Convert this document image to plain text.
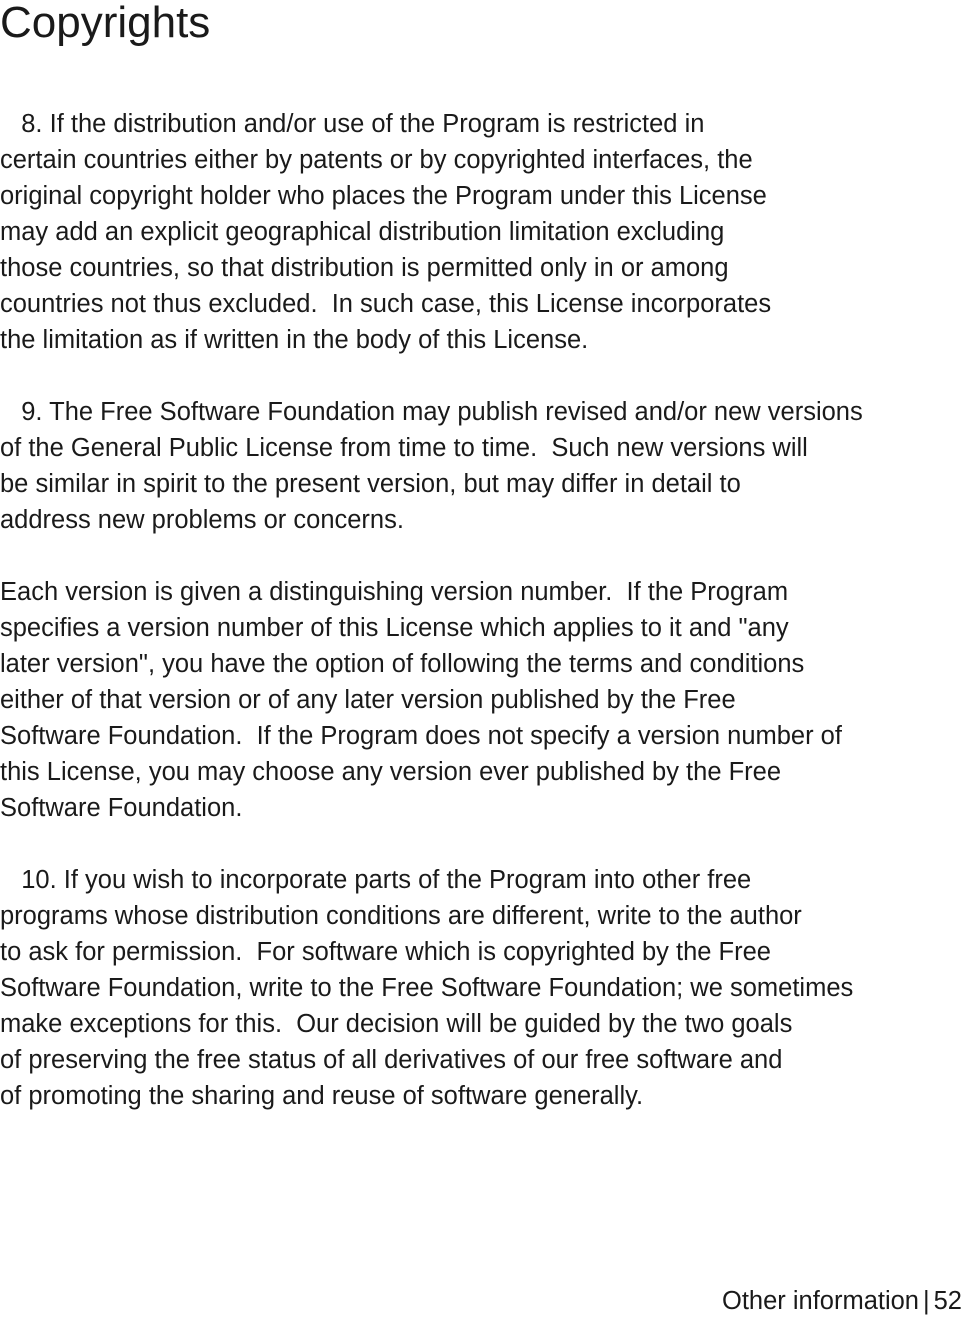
Copyrights
8. If the distribution and/or use of the Program is restricted in
certain countries either by patents or by copyrighted interfaces, the
original copyright holder who places the Program under this License
may add an explicit geographical distribution limitation excluding
those countries, so that distribution is permitted only in or among
countries not thus excluded.  In such case, this License incorporates
the limitation as if written in the body of this License.
9. The Free Software Foundation may publish revised and/or new versions
of the General Public License from time to time.  Such new versions will
be similar in spirit to the present version, but may differ in detail to
address new problems or concerns.
Each version is given a distinguishing version number.  If the Program
specifies a version number of this License which applies to it and "any
later version", you have the option of following the terms and conditions
either of that version or of any later version published by the Free
Software Foundation.  If the Program does not specify a version number of
this License, you may choose any version ever published by the Free
Software Foundation.
10. If you wish to incorporate parts of the Program into other free
programs whose distribution conditions are different, write to the author
to ask for permission.  For software which is copyrighted by the Free
Software Foundation, write to the Free Software Foundation; we sometimes
make exceptions for this.  Our decision will be guided by the two goals
of preserving the free status of all derivatives of our free software and
of promoting the sharing and reuse of software generally.
Other information | 52
